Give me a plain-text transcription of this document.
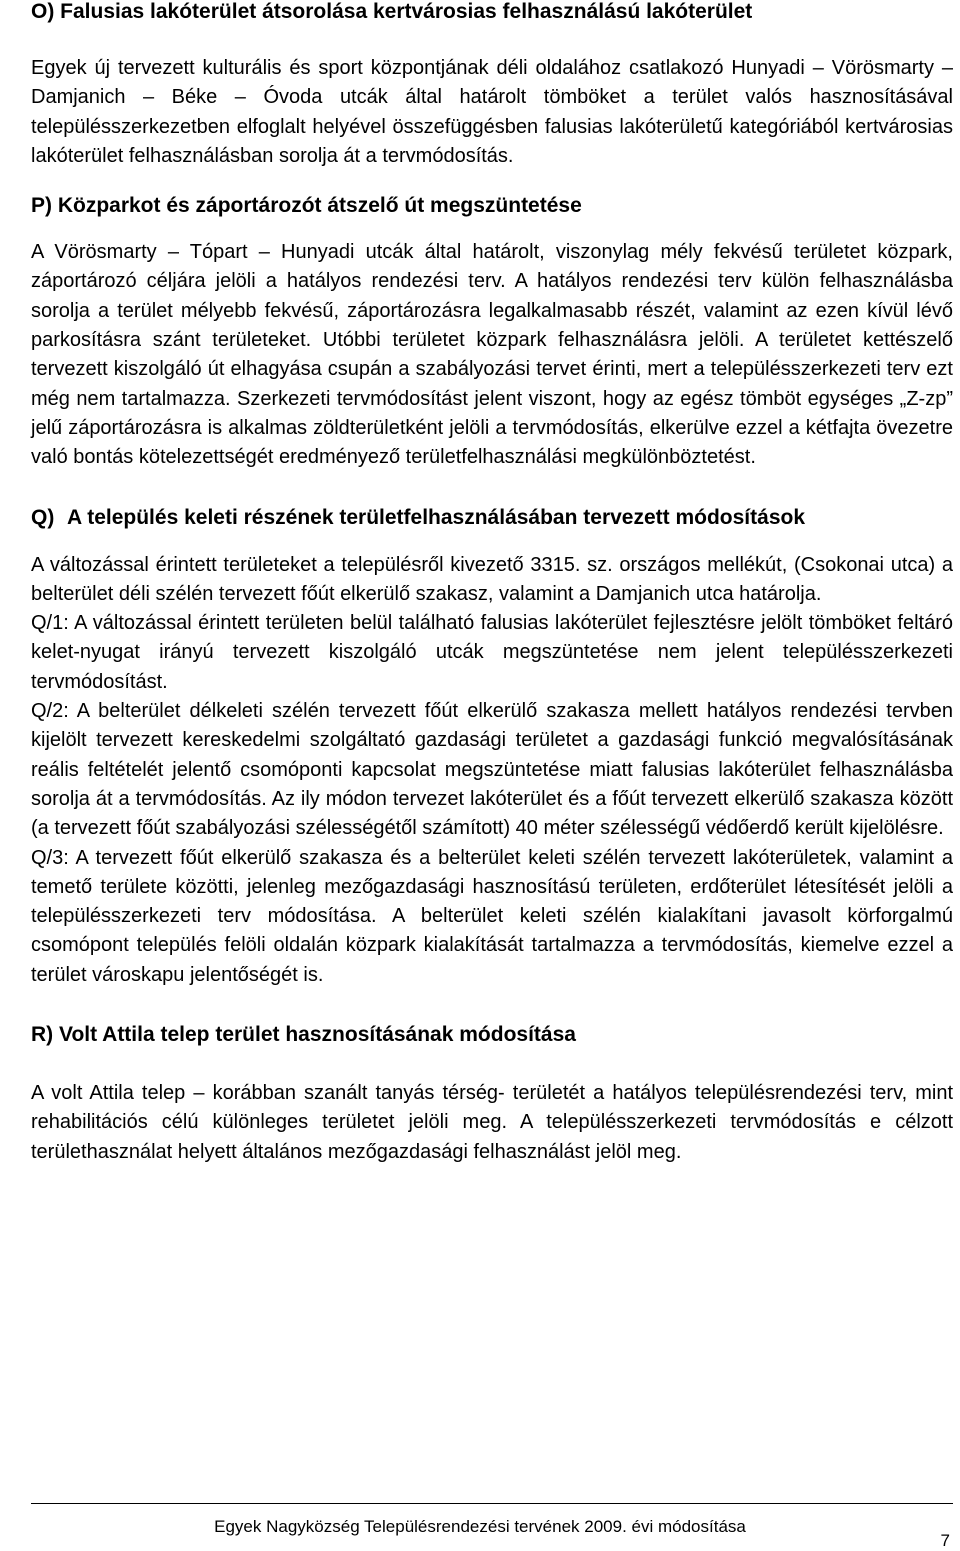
O) Falusias lakóterület átsorolása kertvárosias felhasználású lakóterület

Egyek új tervezett kulturális és sport központjának déli oldalához csatlakozó Hunyadi – Vörösmarty – Damjanich – Béke – Óvoda utcák által határolt tömböket a terület valós hasznosításával településszerkezetben elfoglalt helyével összefüggésben falusias lakóterületű kategóriából kertvárosias lakóterület felhasználásban sorolja át a tervmódosítás.

P) Közparkot és záportározót átszelő út megszüntetése

A Vörösmarty – Tópart – Hunyadi utcák által határolt, viszonylag mély fekvésű területet közpark, záportározó céljára jelöli a hatályos rendezési terv. A hatályos rendezési terv külön felhasználásba sorolja a terület mélyebb fekvésű, záportározásra legalkalmasabb részét, valamint az ezen kívül lévő parkosításra szánt területeket. Utóbbi területet közpark felhasználásra jelöli. A területet kettészelő tervezett kiszolgáló út elhagyása csupán a szabályozási tervet érinti, mert a településszerkezeti terv ezt még nem tartalmazza. Szerkezeti tervmódosítást jelent viszont, hogy az egész tömböt egységes „Z-zp” jelű záportározásra is alkalmas zöldterületként jelöli a tervmódosítás, elkerülve ezzel a kétfajta övezetre való bontás kötelezettségét eredményező területfelhasználási megkülönböztetést.

Q) A település keleti részének területfelhasználásában tervezett módosítások

A változással érintett területeket a településről kivezető 3315. sz. országos mellékút, (Csokonai utca) a belterület déli szélén tervezett főút elkerülő szakasz, valamint a Damjanich utca határolja.

Q/1: A változással érintett területen belül található falusias lakóterület fejlesztésre jelölt tömböket feltáró kelet-nyugat irányú tervezett kiszolgáló utcák megszüntetése nem jelent településszerkezeti tervmódosítást.

Q/2: A belterület délkeleti szélén tervezett főút elkerülő szakasza mellett hatályos rendezési tervben kijelölt tervezett kereskedelmi szolgáltató gazdasági területet a gazdasági funkció megvalósításának reális feltételét jelentő csomóponti kapcsolat megszüntetése miatt falusias lakóterület felhasználásba sorolja át a tervmódosítás. Az ily módon tervezet lakóterület és a főút tervezett elkerülő szakasza között (a tervezett főút szabályozási szélességétől számított) 40 méter szélességű védőerdő került kijelölésre.

Q/3: A tervezett főút elkerülő szakasza és a belterület keleti szélén tervezett lakóterületek, valamint a temető területe közötti, jelenleg mezőgazdasági hasznosítású területen, erdőterület létesítését jelöli a településszerkezeti terv módosítása. A belterület keleti szélén kialakítani javasolt körforgalmú csomópont település felöli oldalán közpark kialakítását tartalmazza a tervmódosítás, kiemelve ezzel a terület városkapu jelentőségét is.

R) Volt Attila telep terület hasznosításának módosítása

A volt Attila telep – korábban szanált tanyás térség- területét a hatályos településrendezési terv, mint rehabilitációs célú különleges területet jelöli meg. A településszerkezeti tervmódosítás e célzott területhasználat helyett általános mezőgazdasági felhasználást jelöl meg.

Egyek Nagyközség Településrendezési tervének 2009. évi módosítása
7
